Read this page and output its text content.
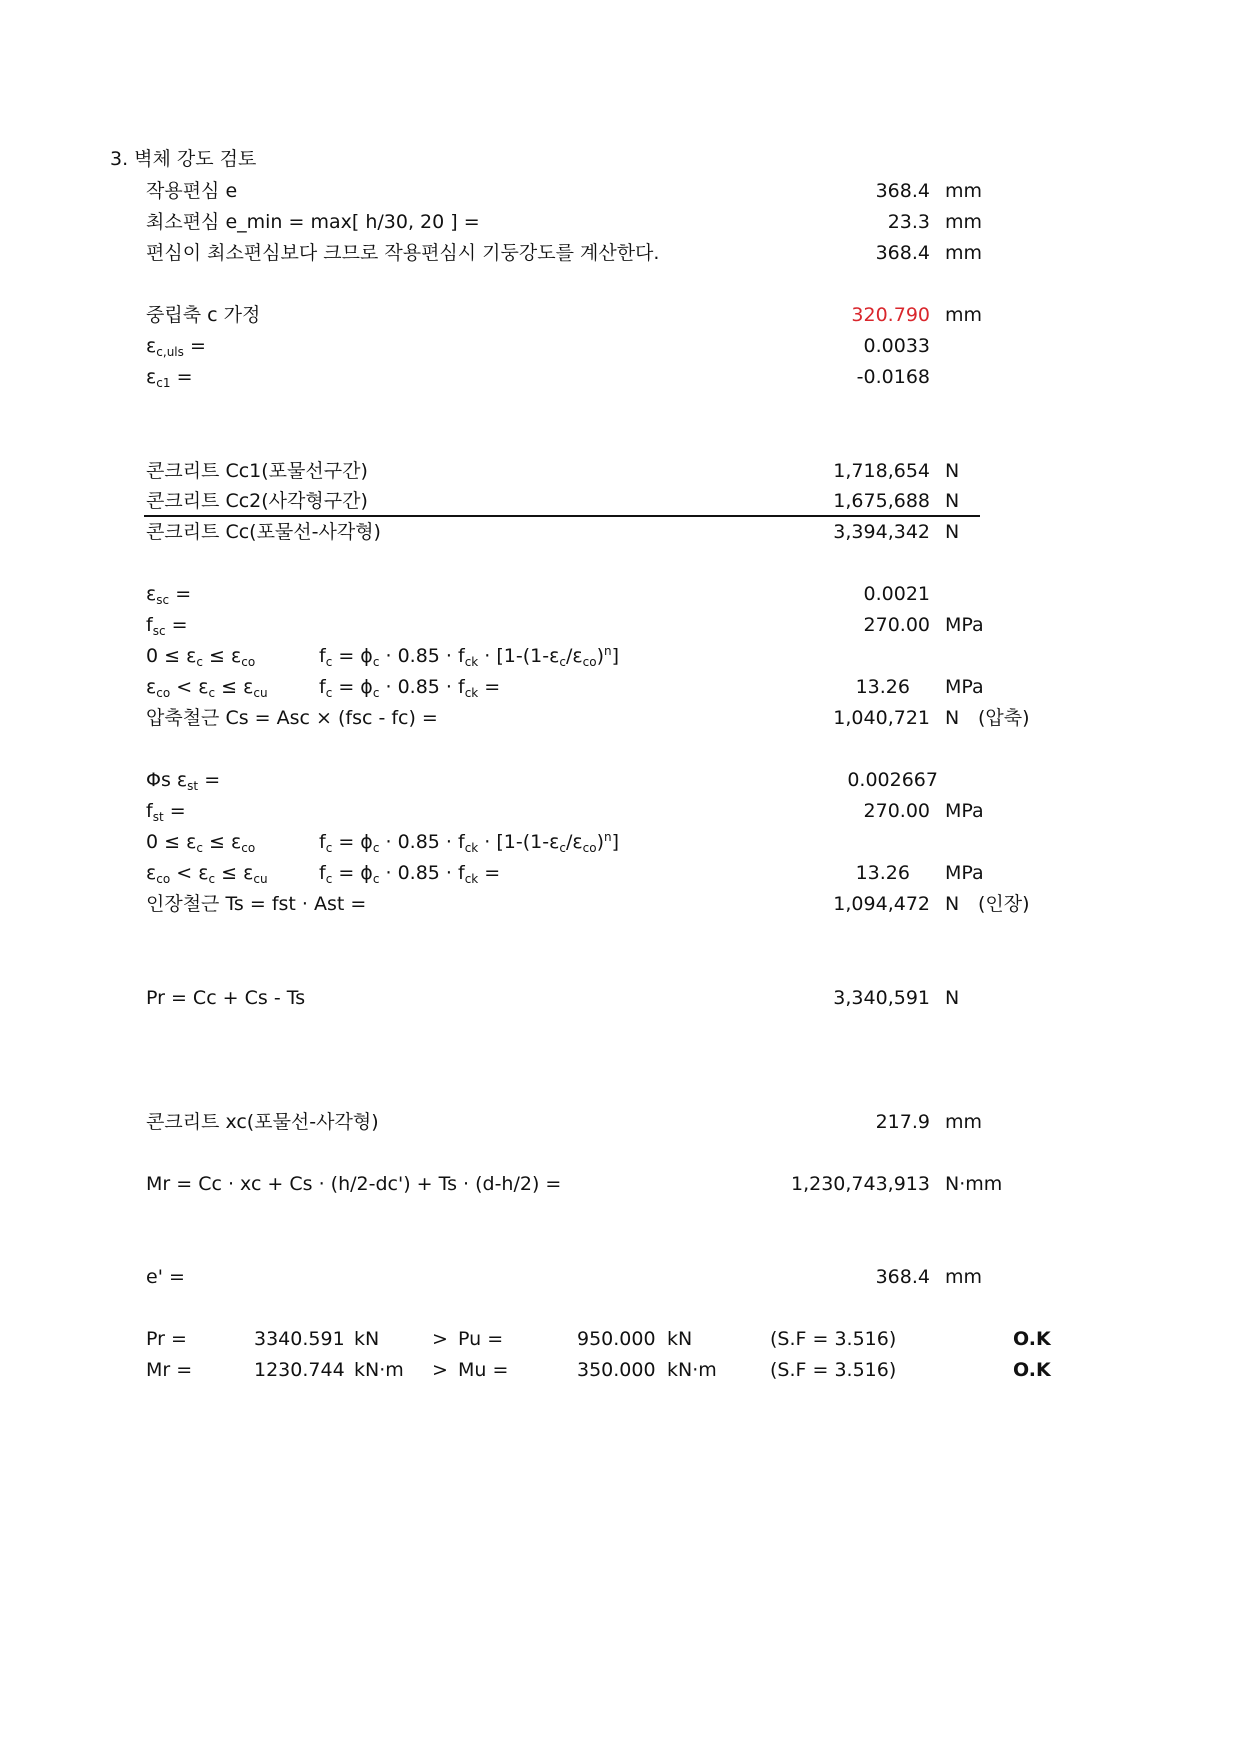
3. 벽체 강도 검토
작용편심 e	368.4 mm
최소편심 e_min = max[ h/30, 20 ] =	23.3 mm
편심이 최소편심보다 크므로 작용편심시 기둥강도를 계산한다.	368.4 mm
중립축 c 가정	320.790 mm
$\varepsilon_{c,uls}$ =	0.0033
$\varepsilon_{c1}$ =	-0.0168
콘크리트 Cc1(포물선구간)	1,718,654 N
콘크리트 Cc2(사각형구간)	1,675,688 N
콘크리트 Cc(포물선-사각형)	3,394,342 N
$\varepsilon_{sc}$ =	0.0021
$f_{sc}$ =	270.00 MPa
$0 \le \varepsilon_c \le \varepsilon_{co}$	$f_c = \phi_c \cdot 0.85 \cdot f_{ck} \cdot [1-(1-\varepsilon_c/\varepsilon_{co})^n]$
$\varepsilon_{co} < \varepsilon_c \le \varepsilon_{cu}$	$f_c = \phi_c \cdot 0.85 \cdot f_{ck}$ =	13.26 MPa
압축철근 Cs = Asc × (fsc - fc) =	1,040,721 N (압축)
Φs $\varepsilon_{st}$ =	0.002667
$f_{st}$ =	270.00 MPa
$0 \le \varepsilon_c \le \varepsilon_{co}$	$f_c = \phi_c \cdot 0.85 \cdot f_{ck} \cdot [1-(1-\varepsilon_c/\varepsilon_{co})^n]$
$\varepsilon_{co} < \varepsilon_c \le \varepsilon_{cu}$	$f_c = \phi_c \cdot 0.85 \cdot f_{ck}$ =	13.26 MPa
인장철근 Ts = fst · Ast =	1,094,472 N (인장)
Pr = Cc + Cs - Ts	3,340,591 N
콘크리트 xc(포물선-사각형)	217.9 mm
Mr = Cc · xc + Cs · (h/2-dc') + Ts · (d-h/2) =	1,230,743,913 N·mm
e' =	368.4 mm
Pr =	3340.591 kN	> Pu =	950.000 kN	(S.F = 3.516)	O.K
Mr =	1230.744 kN·m > Mu =	350.000 kN·m	(S.F = 3.516)	O.K
